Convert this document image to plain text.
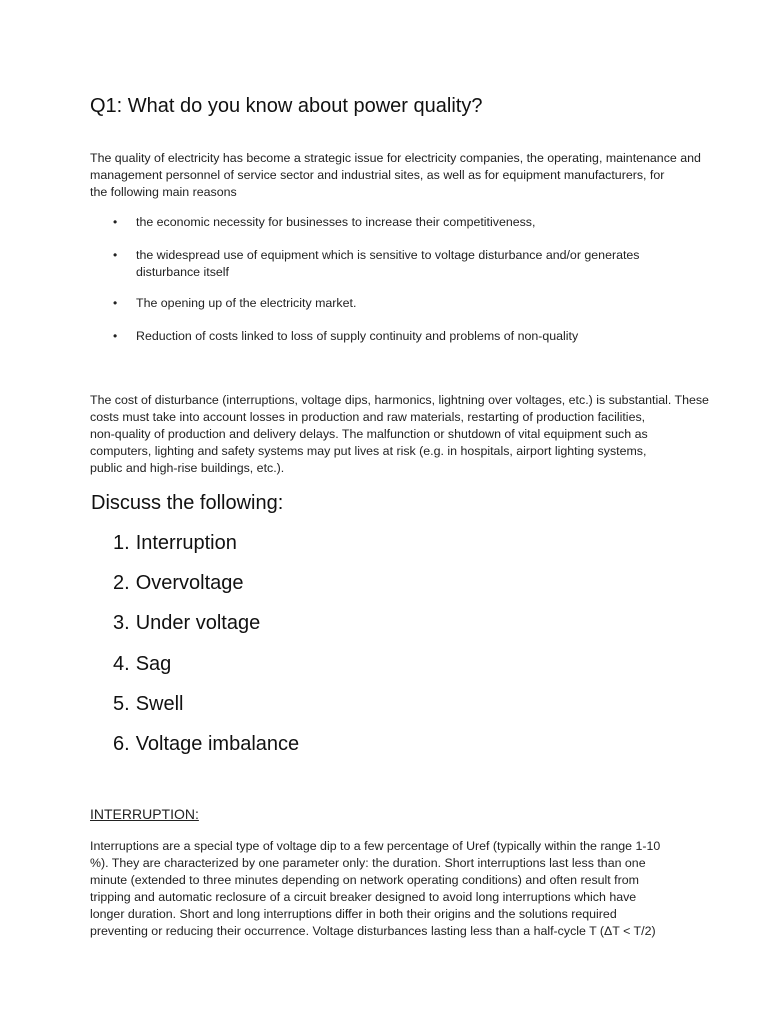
Q1: What do you know about power quality?
The quality of electricity has become a strategic issue for electricity companies, the operating, maintenance and
management personnel of service sector and industrial sites, as well as for equipment manufacturers, for
the following main reasons
• the economic necessity for businesses to increase their competitiveness,
• the widespread use of equipment which is sensitive to voltage disturbance and/or generates
disturbance itself
• The opening up of the electricity market.
• Reduction of costs linked to loss of supply continuity and problems of non-quality
The cost of disturbance (interruptions, voltage dips, harmonics, lightning over voltages, etc.) is substantial. These
costs must take into account losses in production and raw materials, restarting of production facilities,
non-quality of production and delivery delays. The malfunction or shutdown of vital equipment such as
computers, lighting and safety systems may put lives at risk (e.g. in hospitals, airport lighting systems,
public and high-rise buildings, etc.).
Discuss the following:
1. Interruption
2. Overvoltage
3. Under voltage
4. Sag
5. Swell
6. Voltage imbalance
INTERRUPTION:
Interruptions are a special type of voltage dip to a few percentage of Uref (typically within the range 1-10
%). They are characterized by one parameter only: the duration. Short interruptions last less than one
minute (extended to three minutes depending on network operating conditions) and often result from
tripping and automatic reclosure of a circuit breaker designed to avoid long interruptions which have
longer duration. Short and long interruptions differ in both their origins and the solutions required
preventing or reducing their occurrence. Voltage disturbances lasting less than a half-cycle T (ΔT < T/2)
